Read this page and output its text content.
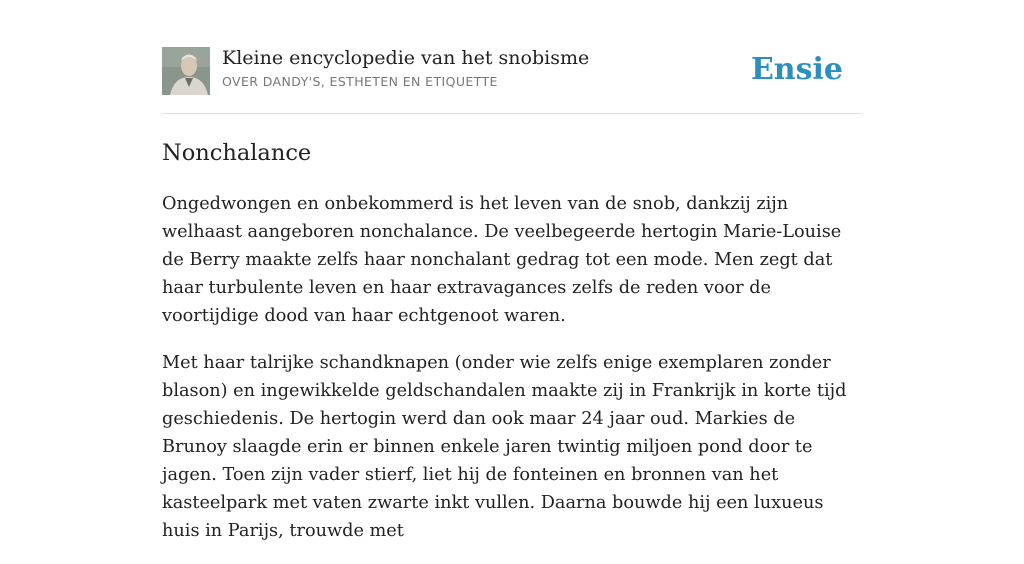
Kleine encyclopedie van het snobisme
OVER DANDY'S, ESTHETEN EN ETIQUETTE	Ensie
Nonchalance

Ongedwongen en onbekommerd is het leven van de snob, dankzij zijn welhaast aangeboren nonchalance. De veelbegeerde hertogin Marie-Louise de Berry maakte zelfs haar nonchalant gedrag tot een mode. Men zegt dat haar turbulente leven en haar extravagances zelfs de reden voor de voortijdige dood van haar echtgenoot waren.

Met haar talrijke schandknapen (onder wie zelfs enige exemplaren zonder blason) en ingewikkelde geldschandalen maakte zij in Frankrijk in korte tijd geschiedenis. De hertogin werd dan ook maar 24 jaar oud. Markies de Brunoy slaagde erin er binnen enkele jaren twintig miljoen pond door te jagen. Toen zijn vader stierf, liet hij de fonteinen en bronnen van het kasteelpark met vaten zwarte inkt vullen. Daarna bouwde hij een luxueus huis in Parijs, trouwde met
